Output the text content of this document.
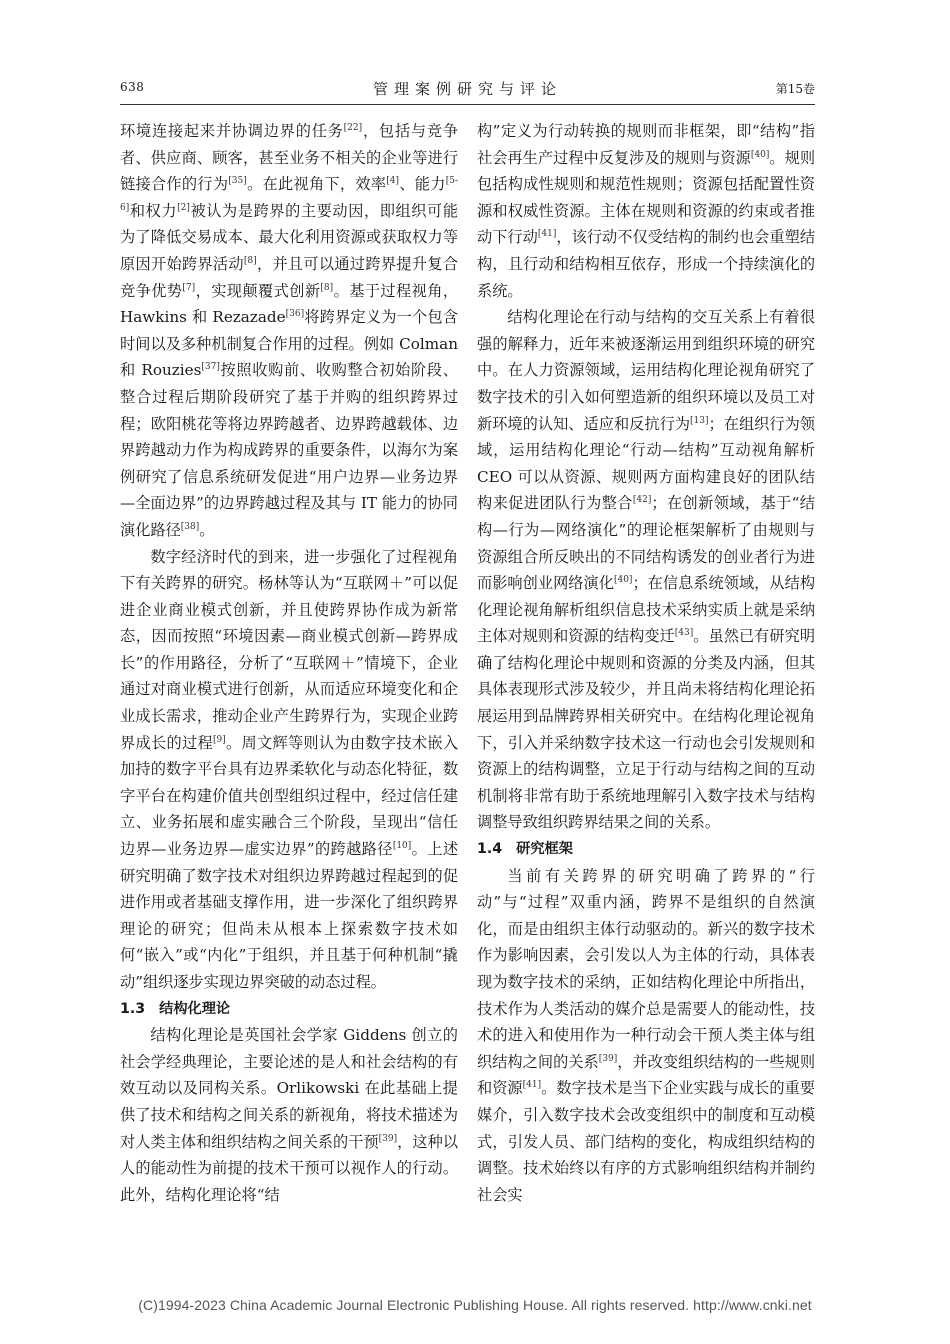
638	管理案例研究与评论	第15卷

环境连接起来并协调边界的任务[22]，包括与竞争者、供应商、顾客，甚至业务不相关的企业等进行链接合作的行为[35]。在此视角下，效率[4]、能力[5-6]和权力[2]被认为是跨界的主要动因，即组织可能为了降低交易成本、最大化利用资源或获取权力等原因开始跨界活动[8]，并且可以通过跨界提升复合竞争优势[7]，实现颠覆式创新[8]。基于过程视角，Hawkins 和 Rezazade[36]将跨界定义为一个包含时间以及多种机制复合作用的过程。例如 Colman 和 Rouzies[37]按照收购前、收购整合初始阶段、整合过程后期阶段研究了基于并购的组织跨界过程；欧阳桃花等将边界跨越者、边界跨越载体、边界跨越动力作为构成跨界的重要条件，以海尔为案例研究了信息系统研发促进“用户边界—业务边界—全面边界”的边界跨越过程及其与 IT 能力的协同演化路径[38]。

数字经济时代的到来，进一步强化了过程视角下有关跨界的研究。杨林等认为“互联网＋”可以促进企业商业模式创新，并且使跨界协作成为新常态，因而按照“环境因素—商业模式创新—跨界成长”的作用路径，分析了“互联网＋”情境下，企业通过对商业模式进行创新，从而适应环境变化和企业成长需求，推动企业产生跨界行为，实现企业跨界成长的过程[9]。周文辉等则认为由数字技术嵌入加持的数字平台具有边界柔软化与动态化特征，数字平台在构建价值共创型组织过程中，经过信任建立、业务拓展和虚实融合三个阶段，呈现出“信任边界—业务边界—虚实边界”的跨越路径[10]。上述研究明确了数字技术对组织边界跨越过程起到的促进作用或者基础支撑作用，进一步深化了组织跨界理论的研究；但尚未从根本上探索数字技术如何“嵌入”或“内化”于组织，并且基于何种机制“撬动”组织逐步实现边界突破的动态过程。

1.3 结构化理论

结构化理论是英国社会学家 Giddens 创立的社会学经典理论，主要论述的是人和社会结构的有效互动以及同构关系。Orlikowski 在此基础上提供了技术和结构之间关系的新视角，将技术描述为对人类主体和组织结构之间关系的干预[39]，这种以人的能动性为前提的技术干预可以视作人的行动。此外，结构化理论将“结

构”定义为行动转换的规则而非框架，即“结构”指社会再生产过程中反复涉及的规则与资源[40]。规则包括构成性规则和规范性规则；资源包括配置性资源和权威性资源。主体在规则和资源的约束或者推动下行动[41]，该行动不仅受结构的制约也会重塑结构，且行动和结构相互依存，形成一个持续演化的系统。

结构化理论在行动与结构的交互关系上有着很强的解释力，近年来被逐渐运用到组织环境的研究中。在人力资源领域，运用结构化理论视角研究了数字技术的引入如何塑造新的组织环境以及员工对新环境的认知、适应和反抗行为[13]；在组织行为领域，运用结构化理论“行动—结构”互动视角解析 CEO 可以从资源、规则两方面构建良好的团队结构来促进团队行为整合[42]；在创新领域，基于“结构—行为—网络演化”的理论框架解析了由规则与资源组合所反映出的不同结构诱发的创业者行为进而影响创业网络演化[40]；在信息系统领域，从结构化理论视角解析组织信息技术采纳实质上就是采纳主体对规则和资源的结构变迁[43]。虽然已有研究明确了结构化理论中规则和资源的分类及内涵，但其具体表现形式涉及较少，并且尚未将结构化理论拓展运用到品牌跨界相关研究中。在结构化理论视角下，引入并采纳数字技术这一行动也会引发规则和资源上的结构调整，立足于行动与结构之间的互动机制将非常有助于系统地理解引入数字技术与结构调整导致组织跨界结果之间的关系。

1.4 研究框架

当前有关跨界的研究明确了跨界的“行动”与“过程”双重内涵，跨界不是组织的自然演化，而是由组织主体行动驱动的。新兴的数字技术作为影响因素，会引发以人为主体的行动，具体表现为数字技术的采纳，正如结构化理论中所指出，技术作为人类活动的媒介总是需要人的能动性，技术的进入和使用作为一种行动会干预人类主体与组织结构之间的关系[39]，并改变组织结构的一些规则和资源[41]。数字技术是当下企业实践与成长的重要媒介，引入数字技术会改变组织中的制度和互动模式，引发人员、部门结构的变化，构成组织结构的调整。技术始终以有序的方式影响组织结构并制约社会实

(C)1994-2023 China Academic Journal Electronic Publishing House. All rights reserved. http://www.cnki.net
